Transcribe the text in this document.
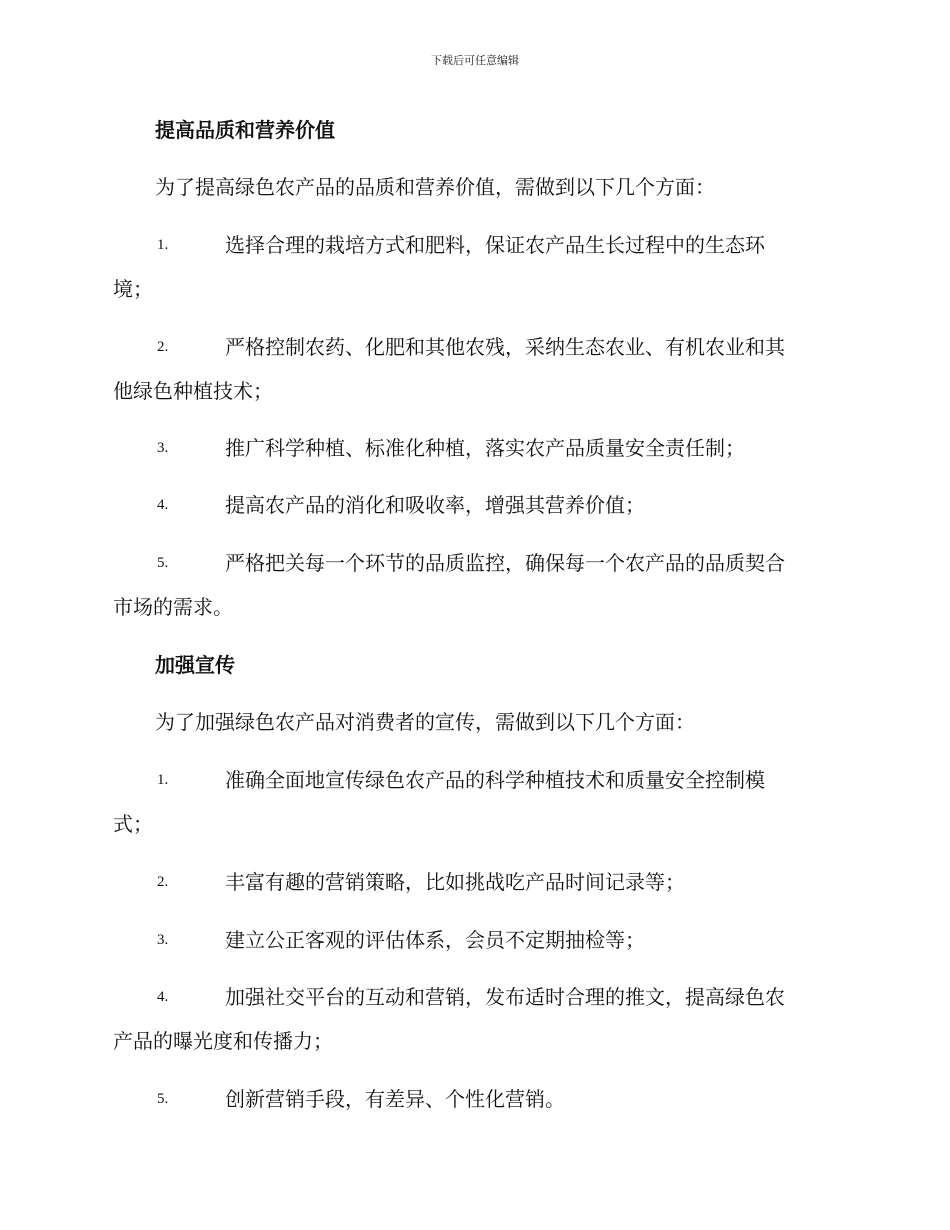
下载后可任意编辑
提高品质和营养价值
为了提高绿色农产品的品质和营养价值，需做到以下几个方面：
1.	选择合理的栽培方式和肥料，保证农产品生长过程中的生态环
境；
2.	严格控制农药、化肥和其他农残，采纳生态农业、有机农业和其
他绿色种植技术；
3.	推广科学种植、标准化种植，落实农产品质量安全责任制；
4.	提高农产品的消化和吸收率，增强其营养价值；
5.	严格把关每一个环节的品质监控，确保每一个农产品的品质契合
市场的需求。
加强宣传
为了加强绿色农产品对消费者的宣传，需做到以下几个方面：
1.	准确全面地宣传绿色农产品的科学种植技术和质量安全控制模
式；
2.	丰富有趣的营销策略，比如挑战吃产品时间记录等；
3.	建立公正客观的评估体系，会员不定期抽检等；
4.	加强社交平台的互动和营销，发布适时合理的推文，提高绿色农
产品的曝光度和传播力；
5.	创新营销手段，有差异、个性化营销。
